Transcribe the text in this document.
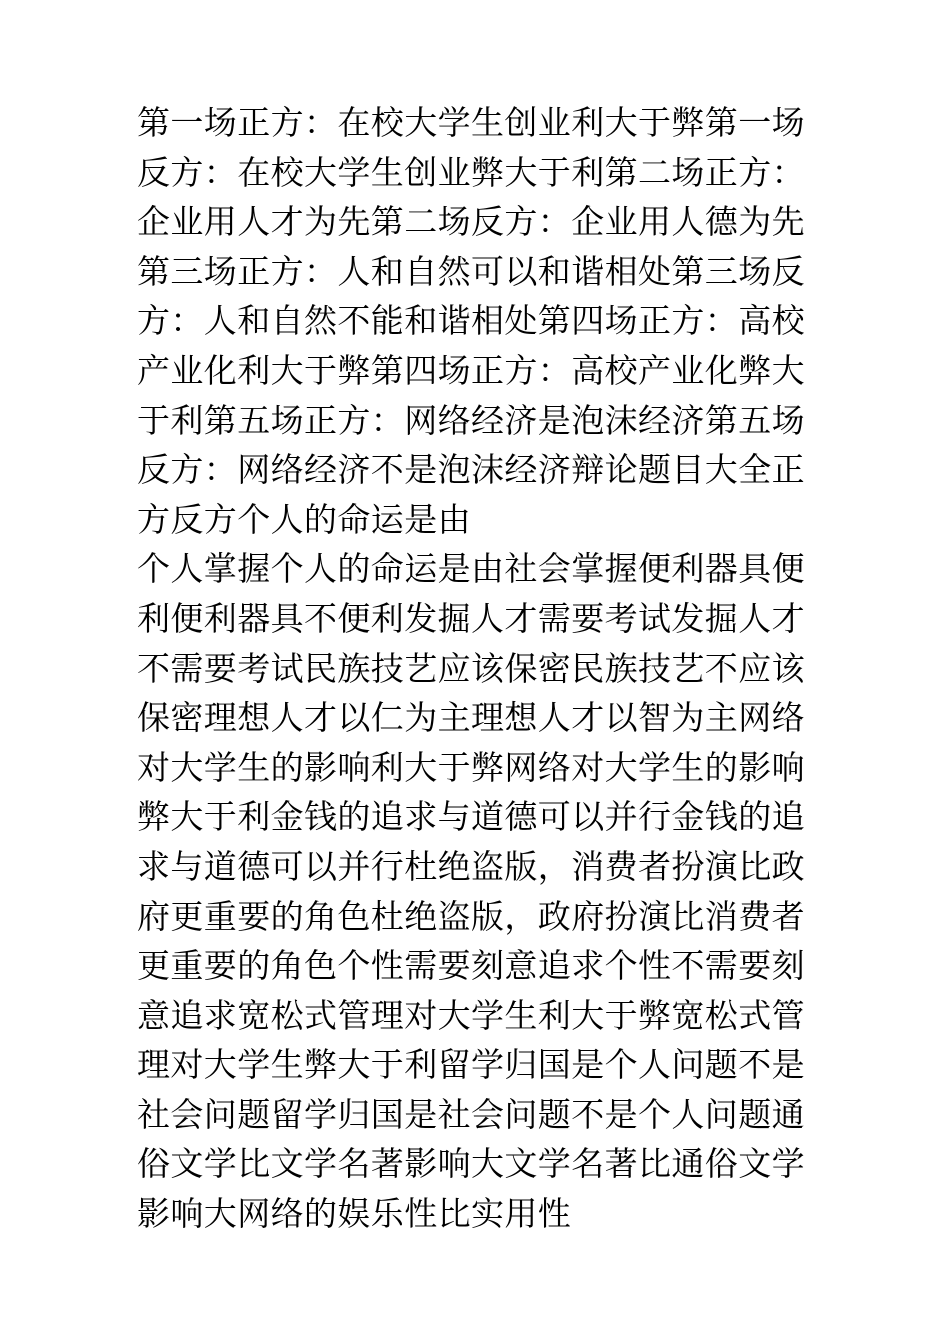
第一场正方：在校大学生创业利大于弊第一场反方：在校大学生创业弊大于利第二场正方：企业用人才为先第二场反方：企业用人德为先第三场正方：人和自然可以和谐相处第三场反方：人和自然不能和谐相处第四场正方：高校产业化利大于弊第四场正方：高校产业化弊大于利第五场正方：网络经济是泡沫经济第五场反方：网络经济不是泡沫经济辩论题目大全正方反方个人的命运是由

个人掌握个人的命运是由社会掌握便利器具便利便利器具不便利发掘人才需要考试发掘人才不需要考试民族技艺应该保密民族技艺不应该保密理想人才以仁为主理想人才以智为主网络对大学生的影响利大于弊网络对大学生的影响弊大于利金钱的追求与道德可以并行金钱的追求与道德可以并行杜绝盗版，消费者扮演比政府更重要的角色杜绝盗版，政府扮演比消费者更重要的角色个性需要刻意追求个性不需要刻意追求宽松式管理对大学生利大于弊宽松式管理对大学生弊大于利留学归国是个人问题不是社会问题留学归国是社会问题不是个人问题通俗文学比文学名著影响大文学名著比通俗文学影响大网络的娱乐性比实用性
